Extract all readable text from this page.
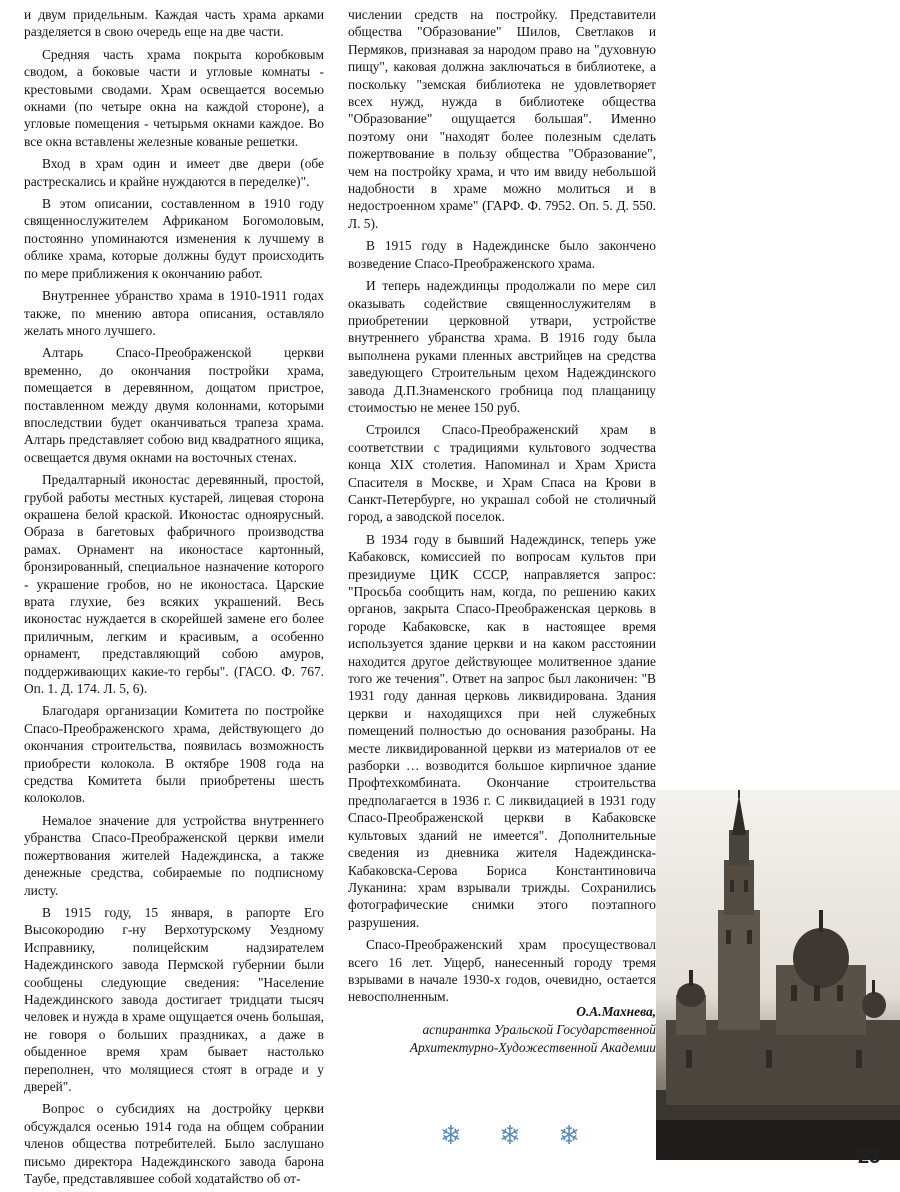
и двум придельным. Каждая часть храма арками разделяется в свою очередь еще на две части.

Средняя часть храма покрыта коробковым сводом, а боковые части и угловые комнаты - крестовыми сводами. Храм освещается восемью окнами (по четыре окна на каждой стороне), а угловые помещения - четырьмя окнами каждое. Во все окна вставлены железные кованые решетки.

Вход в храм один и имеет две двери (обе растрескались и крайне нуждаются в переделке)".

В этом описании, составленном в 1910 году священнослужителем Африканом Богомоловым, постоянно упоминаются изменения к лучшему в облике храма, которые должны будут происходить по мере приближения к окончанию работ.

Внутреннее убранство храма в 1910-1911 годах также, по мнению автора описания, оставляло желать много лучшего.

Алтарь Спасо-Преображенской церкви временно, до окончания постройки храма, помещается в деревянном, дощатом пристрое, поставленном между двумя колоннами, которыми впоследствии будет оканчиваться трапеза храма. Алтарь представляет собою вид квадратного ящика, освещается двумя окнами на восточных стенах.

Предалтарный иконостас деревянный, простой, грубой работы местных кустарей, лицевая сторона окрашена белой краской. Иконостас одноярусный. Образа в багетовых фабричного производства рамах. Орнамент на иконостасе картонный, бронзированный, специальное назначение которого - украшение гробов, но не иконостаса. Царские врата глухие, без всяких украшений. Весь иконостас нуждается в скорейшей замене его более приличным, легким и красивым, а особенно орнамент, представляющий собою амуров, поддерживающих какие-то гербы". (ГАСО. Ф. 767. Оп. 1. Д. 174. Л. 5, 6).

Благодаря организации Комитета по постройке Спасо-Преображенского храма, действующего до окончания строительства, появилась возможность приобрести колокола. В октябре 1908 года на средства Комитета были приобретены шесть колоколов.

Немалое значение для устройства внутреннего убранства Спасо-Преображенской церкви имели пожертвования жителей Надеждинска, а также денежные средства, собираемые по подписному листу.

В 1915 году, 15 января, в рапорте Его Высокородию г-ну Верхотурскому Уездному Исправнику, полицейским надзирателем Надеждинского завода Пермской губернии были сообщены следующие сведения: "Население Надеждинского завода достигает тридцати тысяч человек и нужда в храме ощущается очень большая, не говоря о больших праздниках, а даже в обыденное время храм бывает настолько переполнен, что молящиеся стоят в ограде и у дверей".

Вопрос о субсидиях на достройку церкви обсуждался осенью 1914 года на общем собрании членов общества потребителей. Было заслушано письмо директора Надеждинского завода барона Таубе, представлявшее собой ходатайство об от-

числении средств на постройку. Представители общества "Образование" Шилов, Светлаков и Пермяков, признавая за народом право на "духовную пищу", каковая должна заключаться в библиотеке, а поскольку "земская библиотека не удовлетворяет всех нужд, нужда в библиотеке общества "Образование" ощущается большая". Именно поэтому они "находят более полезным сделать пожертвование в пользу общества "Образование", чем на постройку храма, и что им ввиду небольшой надобности в храме можно молиться и в недостроенном храме" (ГАРФ. Ф. 7952. Оп. 5. Д. 550. Л. 5).

В 1915 году в Надеждинске было закончено возведение Спасо-Преображенского храма.

И теперь надеждинцы продолжали по мере сил оказывать содействие священнослужителям в приобретении церковной утвари, устройстве внутреннего убранства храма. В 1916 году была выполнена руками пленных австрийцев на средства заведующего Строительным цехом Надеждинского завода Д.П.Знаменского гробница под плащаницу стоимостью не менее 150 руб.

Строился Спасо-Преображенский храм в соответствии с традициями культового зодчества конца XIX столетия. Напоминал и Храм Христа Спасителя в Москве, и Храм Спаса на Крови в Санкт-Петербурге, но украшал собой не столичный город, а заводской поселок.

В 1934 году в бывший Надеждинск, теперь уже Кабаковск, комиссией по вопросам культов при президиуме ЦИК СССР, направляется запрос: "Просьба сообщить нам, когда, по решению каких органов, закрыта Спасо-Преображенская церковь в городе Кабаковске, как в настоящее время используется здание церкви и на каком расстоянии находится другое действующее молитвенное здание того же течения". Ответ на запрос был лаконичен: "В 1931 году данная церковь ликвидирована. Здания церкви и находящихся при ней служебных помещений полностью до основания разобраны. На месте ликвидированной церкви из материалов от ее разборки … возводится большое кирпичное здание Профтехкомбината. Окончание строительства предполагается в 1936 г. С ликвидацией в 1931 году Спасо-Преображенской церкви в Кабаковске культовых зданий не имеется". Дополнительные сведения из дневника жителя Надеждинска-Кабаковска-Серова Бориса Константиновича Луканина: храм взрывали трижды. Сохранились фотографические снимки этого поэтапного разрушения.

Спасо-Преображенский храм просуществовал всего 16 лет. Ущерб, нанесенный городу тремя взрывами в начале 1930-х годов, очевидно, остается невосполненным.

О.А.Махнева,
аспирантка Уральской Государственной
Архитектурно-Художественной Академии
❄ ❄ ❄
23
